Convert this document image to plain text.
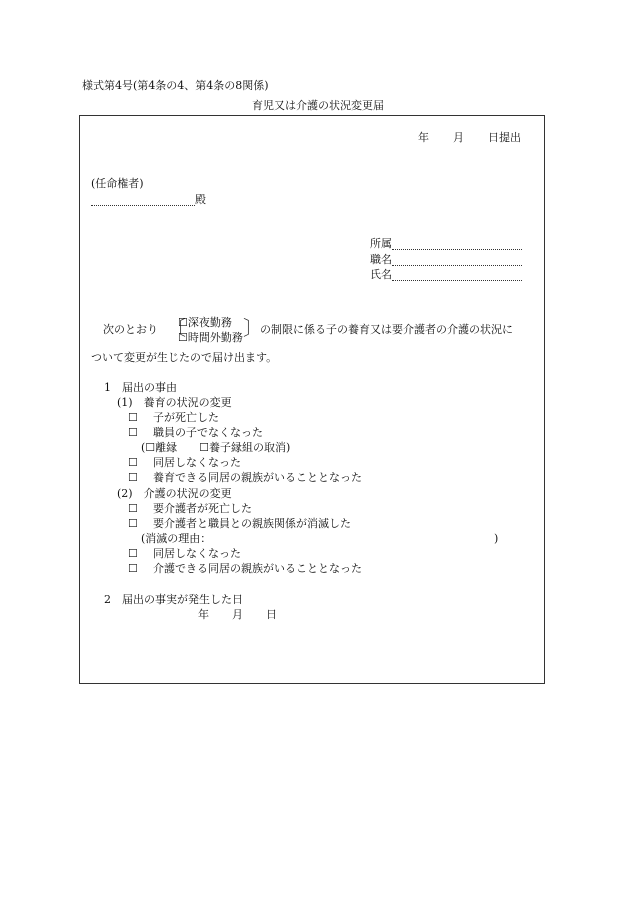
様式第4号(第4条の4、第4条の8関係)
育児又は介護の状況変更届
年 月 日提出
(任命権者)
殿
所属
職名
氏名
次のとおり 〔
☐深夜勤務
☐時間外勤務 〕
の制限に係る子の養育又は要介護者の介護の状況に
ついて変更が生じたので届け出ます。
1　届出の事由
(1)　養育の状況の変更
☐　 子が死亡した
☐　 職員の子でなくなった
(☐離縁　　☐養子縁組の取消)
☐　 同居しなくなった
☐　 養育できる同居の親族がいることとなった
(2)　介護の状況の変更
☐　 要介護者が死亡した
☐　 要介護者と職員との親族関係が消滅した
(消滅の理由：	)
☐　 同居しなくなった
☐　 介護できる同居の親族がいることとなった
2　届出の事実が発生した日
年 月 日
